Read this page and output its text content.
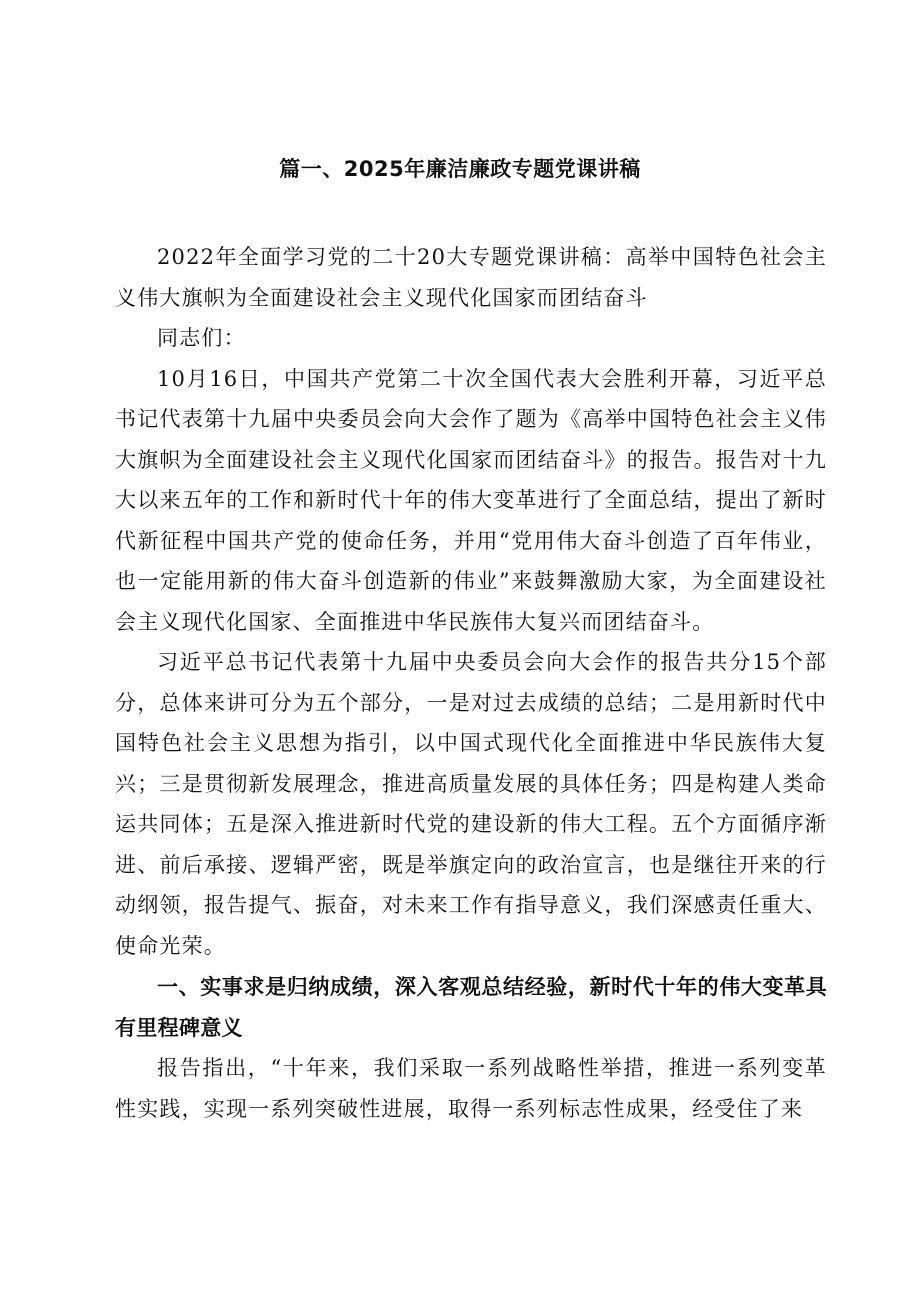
篇一、2025年廉洁廉政专题党课讲稿

2022年全面学习党的二十20大专题党课讲稿：高举中国特色社会主义伟大旗帜为全面建设社会主义现代化国家而团结奋斗

同志们：

10月16日，中国共产党第二十次全国代表大会胜利开幕，习近平总书记代表第十九届中央委员会向大会作了题为《高举中国特色社会主义伟大旗帜为全面建设社会主义现代化国家而团结奋斗》的报告。报告对十九大以来五年的工作和新时代十年的伟大变革进行了全面总结，提出了新时代新征程中国共产党的使命任务，并用“党用伟大奋斗创造了百年伟业，也一定能用新的伟大奋斗创造新的伟业”来鼓舞激励大家，为全面建设社会主义现代化国家、全面推进中华民族伟大复兴而团结奋斗。

习近平总书记代表第十九届中央委员会向大会作的报告共分15个部分，总体来讲可分为五个部分，一是对过去成绩的总结；二是用新时代中国特色社会主义思想为指引，以中国式现代化全面推进中华民族伟大复兴；三是贯彻新发展理念，推进高质量发展的具体任务；四是构建人类命运共同体；五是深入推进新时代党的建设新的伟大工程。五个方面循序渐进、前后承接、逻辑严密，既是举旗定向的政治宣言，也是继往开来的行动纲领，报告提气、振奋，对未来工作有指导意义，我们深感责任重大、使命光荣。

一、实事求是归纳成绩，深入客观总结经验，新时代十年的伟大变革具有里程碑意义

报告指出，“十年来，我们采取一系列战略性举措，推进一系列变革性实践，实现一系列突破性进展，取得一系列标志性成果，经受住了来
